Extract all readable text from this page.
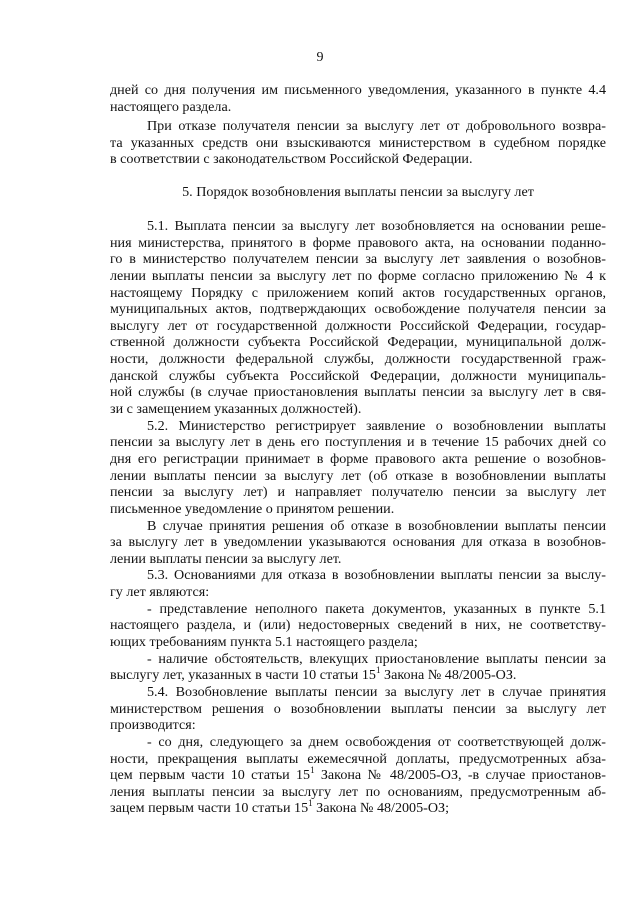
9
дней со дня получения им письменного уведомления, указанного в пункте 4.4
настоящего раздела.
При отказе получателя пенсии за выслугу лет от добровольного возвра-
та указанных средств они взыскиваются министерством в судебном порядке
в соответствии с законодательством Российской Федерации.
5.1. Выплата пенсии за выслугу лет возобновляется на основании реше-
ния министерства, принятого в форме правового акта, на основании поданно-
го в министерство получателем пенсии за выслугу лет заявления о возобнов-
лении выплаты пенсии за выслугу лет по форме согласно приложению № 4 к
настоящему Порядку с приложением копий актов государственных органов,
муниципальных актов, подтверждающих освобождение получателя пенсии за
выслугу лет от государственной должности Российской Федерации, государ-
ственной должности субъекта Российской Федерации, муниципальной долж-
ности, должности федеральной службы, должности государственной граж-
данской службы субъекта Российской Федерации, должности муниципаль-
ной службы (в случае приостановления выплаты пенсии за выслугу лет в свя-
зи с замещением указанных должностей).
5.2. Министерство регистрирует заявление о возобновлении выплаты
пенсии за выслугу лет в день его поступления и в течение 15 рабочих дней со
дня его регистрации принимает в форме правового акта решение о возобнов-
лении выплаты пенсии за выслугу лет (об отказе в возобновлении выплаты
пенсии за выслугу лет) и направляет получателю пенсии за выслугу лет
письменное уведомление о принятом решении.
В случае принятия решения об отказе в возобновлении выплаты пенсии
за выслугу лет в уведомлении указываются основания для отказа в возобнов-
лении выплаты пенсии за выслугу лет.
5.3. Основаниями для отказа в возобновлении выплаты пенсии за выслу-
гу лет являются:
- представление неполного пакета документов, указанных в пункте 5.1
настоящего раздела, и (или) недостоверных сведений в них, не соответству-
ющих требованиям пункта 5.1 настоящего раздела;
- наличие обстоятельств, влекущих приостановление выплаты пенсии за
выслугу лет, указанных в части 10 статьи $15^1$ Закона № 48/2005-ОЗ.
5.4. Возобновление выплаты пенсии за выслугу лет в случае принятия
министерством решения о возобновлении выплаты пенсии за выслугу лет
производится:
- со дня, следующего за днем освобождения от соответствующей долж-
ности, прекращения выплаты ежемесячной доплаты, предусмотренных абза-
цем первым части 10 статьи $15^1$ Закона № 48/2005-ОЗ, -в случае приостанов-
ления выплаты пенсии за выслугу лет по основаниям, предусмотренным аб-
зацем первым части 10 статьи $15^1$ Закона № 48/2005-ОЗ;
5. Порядок возобновления выплаты пенсии за выслугу лет
